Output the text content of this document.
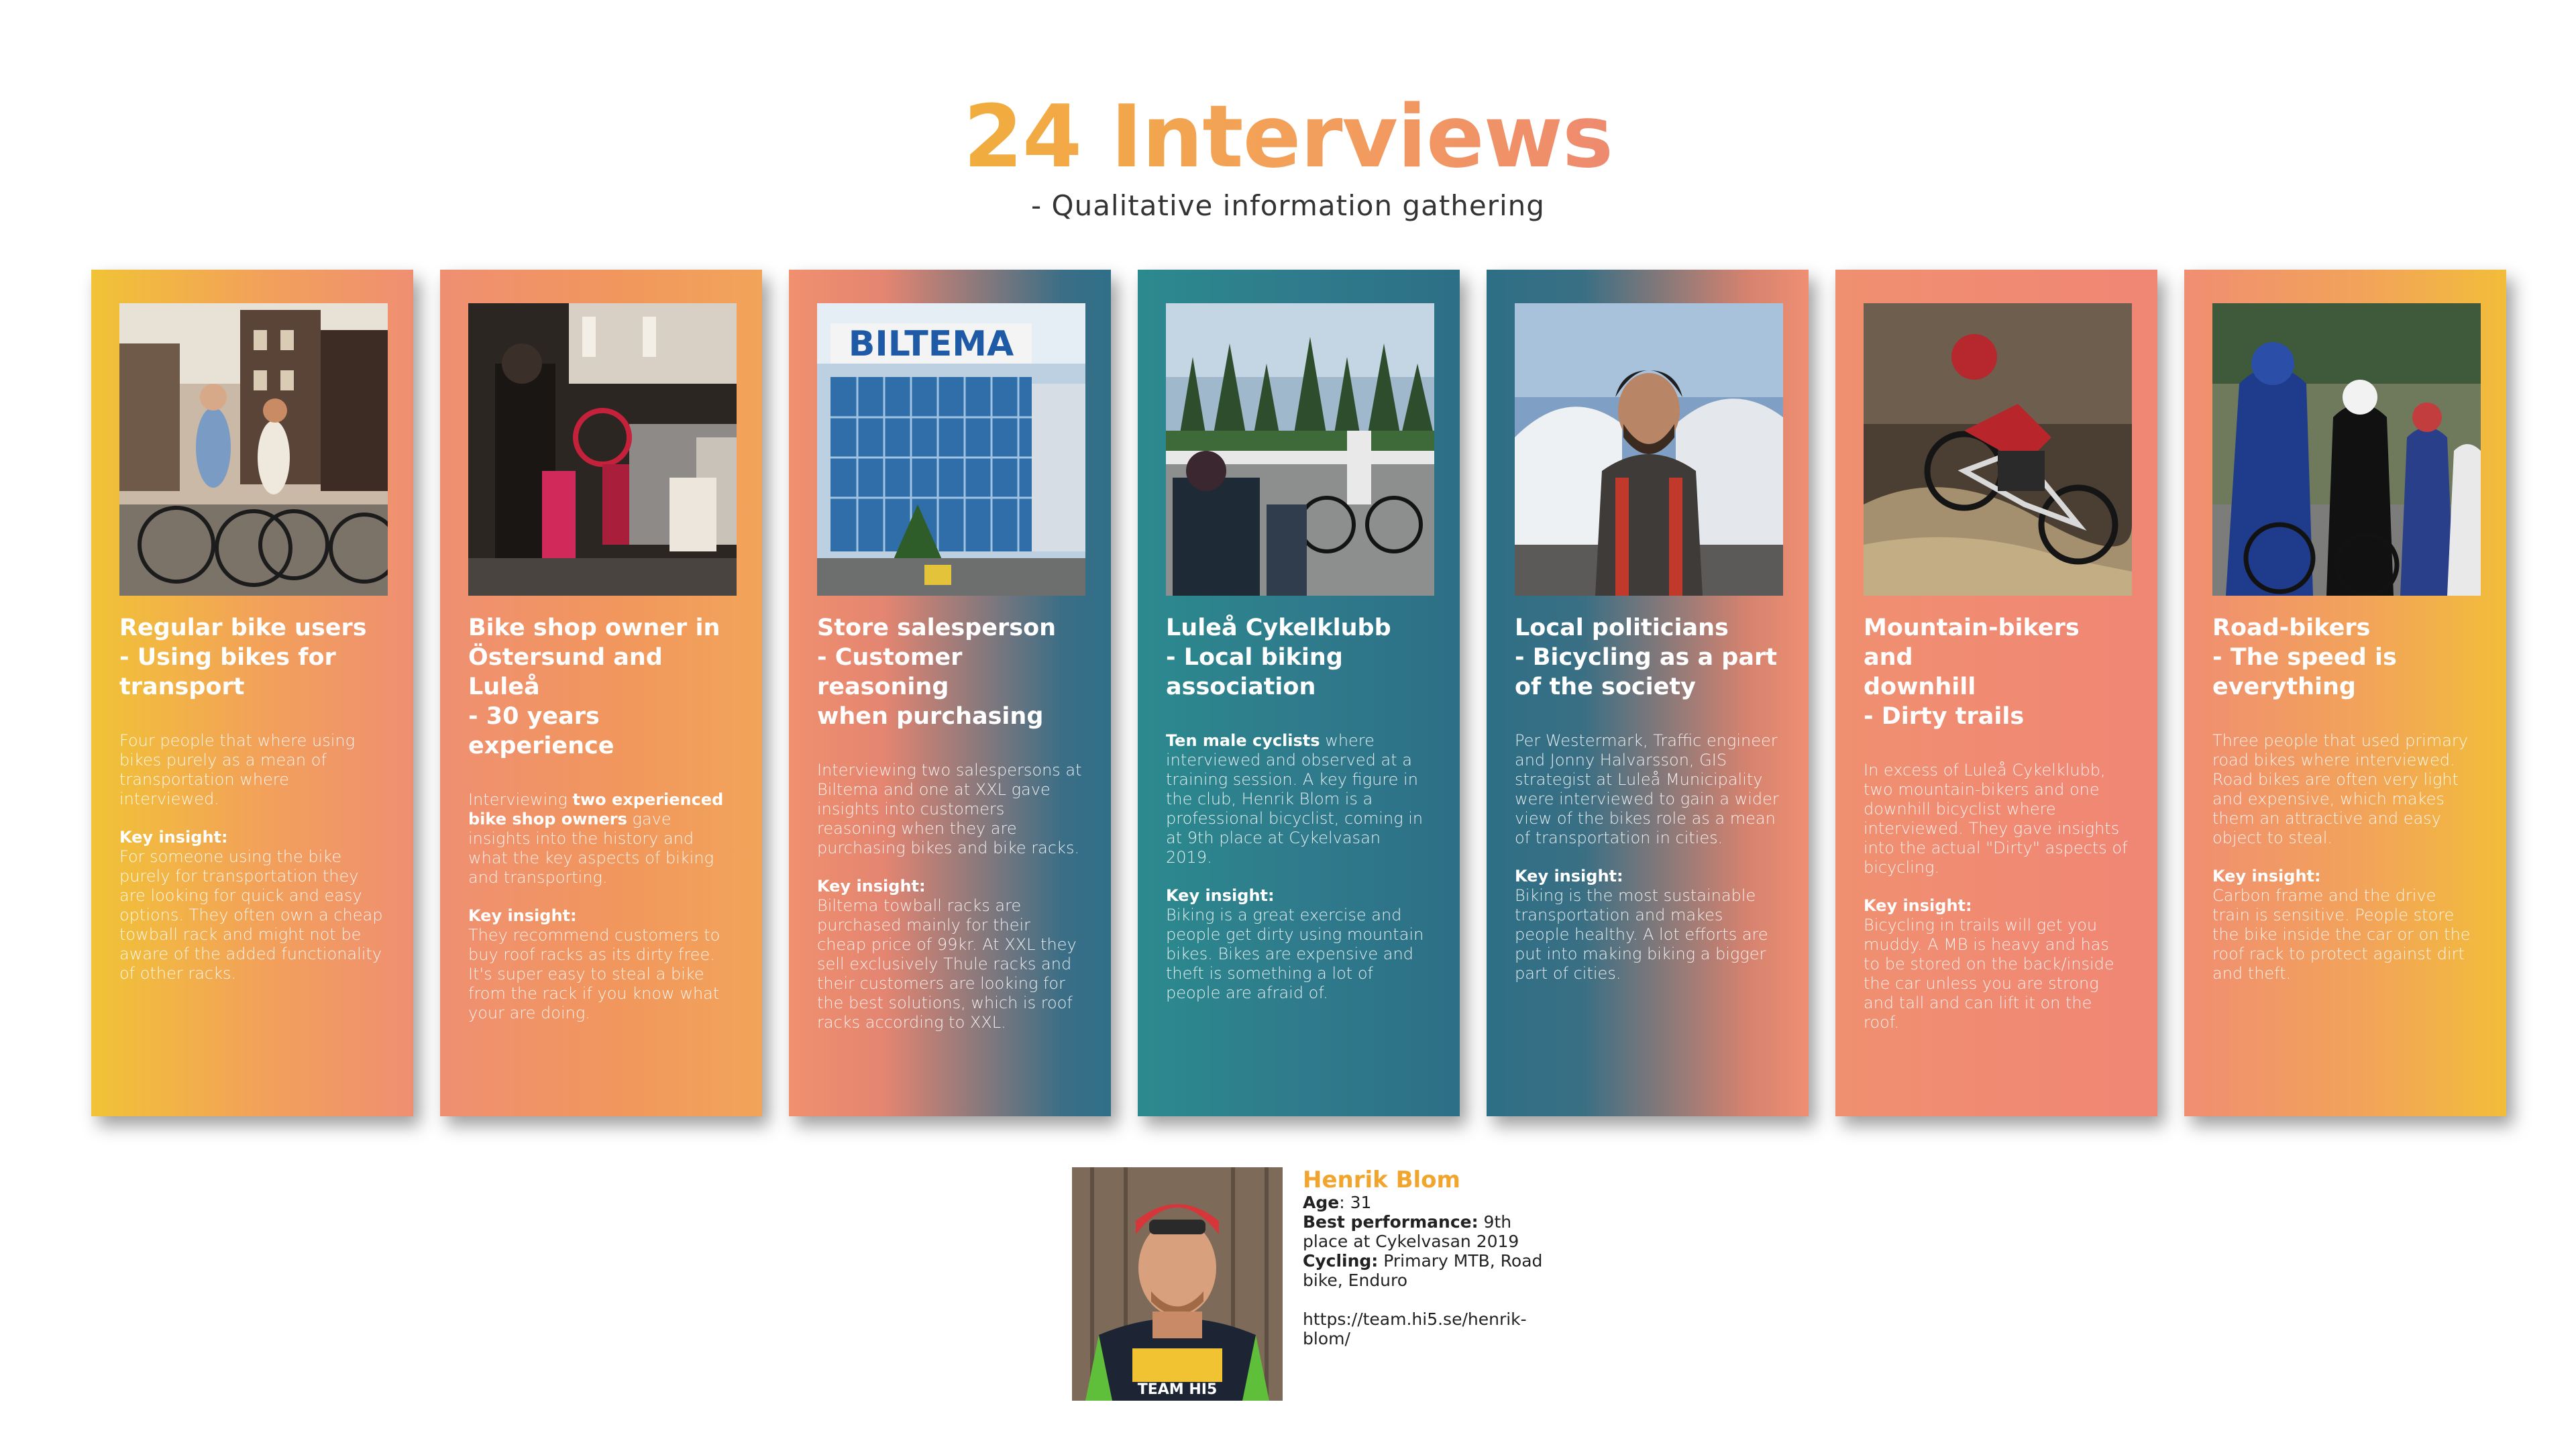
24 Interviews
- Qualitative information gathering
Regular bike users
- Using bikes for
transport
Four people that where using bikes purely as a mean of transportation where interviewed.
Key insight:
For someone using the bike purely for transportation they are looking for quick and easy options. They often own a cheap towball rack and might not be aware of the added functionality of other racks.
Bike shop owner in
Östersund and Luleå
- 30 years experience
Interviewing two experienced bike shop owners gave insights into the history and what the key aspects of biking and transporting.
Key insight:
They recommend customers to buy roof racks as its dirty free. It's super easy to steal a bike from the rack if you know what your are doing.
BILTEMA
Store salesperson
- Customer reasoning
when purchasing
Interviewing two salespersons at Biltema and one at XXL gave insights into customers reasoning when they are purchasing bikes and bike racks.
Key insight:
Biltema towball racks are purchased mainly for their cheap price of 99kr. At XXL they sell exclusively Thule racks and their customers are looking for the best solutions, which is roof racks according to XXL.
Luleå Cykelklubb
- Local biking
association
Ten male cyclists where interviewed and observed at a training session. A key figure in the club, Henrik Blom is a professional bicyclist, coming in at 9th place at Cykelvasan 2019.
Key insight:
Biking is a great exercise and people get dirty using mountain bikes. Bikes are expensive and theft is something a lot of people are afraid of.
Local politicians
- Bicycling as a part
of the society
Per Westermark, Traffic engineer and Jonny Halvarsson, GIS strategist at Luleå Municipality were interviewed to gain a wider view of the bikes role as a mean of transportation in cities.
Key insight:
Biking is the most sustainable transportation and makes people healthy. A lot efforts are put into making biking a bigger part of cities.
Mountain-bikers and
downhill
- Dirty trails
In excess of Luleå Cykelklubb, two mountain-bikers and one downhill bicyclist where interviewed. They gave insights into the actual "Dirty" aspects of bicycling.
Key insight:
Bicycling in trails will get you muddy. A MB is heavy and has to be stored on the back/inside the car unless you are strong and tall and can lift it on the roof.
Road-bikers
- The speed is
everything
Three people that used primary road bikes where interviewed. Road bikes are often very light and expensive, which makes them an attractive and easy object to steal.
Key insight:
Carbon frame and the drive train is sensitive. People store the bike inside the car or on the roof rack to protect against dirt and theft.
TEAM HI5
Henrik Blom
Age: 31
Best performance: 9th place at Cykelvasan 2019
Cycling: Primary MTB, Road bike, Enduro
https://team.hi5.se/henrik-blom/
